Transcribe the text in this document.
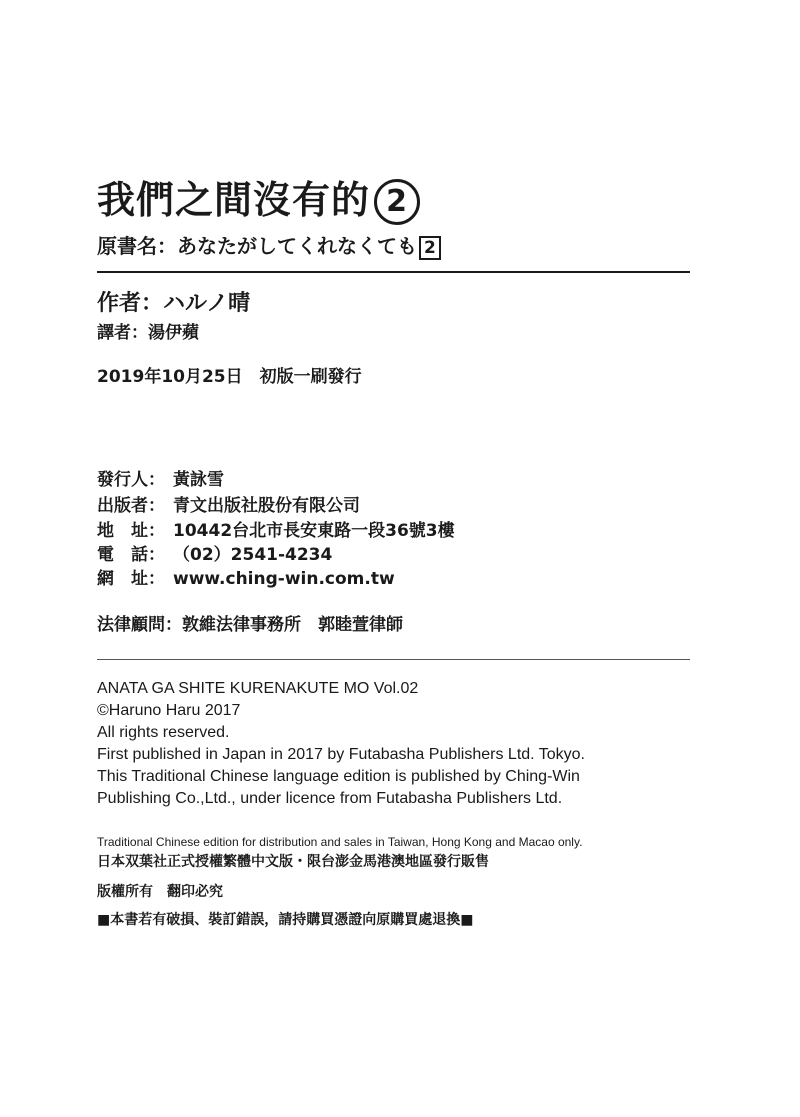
我們之間沒有的 2
原書名：あなたがしてくれなくても 2
作者：ハルノ晴
譯者：湯伊蘋
2019年10月25日　初版一刷發行
發行人： 黃詠雪
出版者： 青文出版社股份有限公司
地　址： 10442台北市長安東路一段36號3樓
電　話： （02）2541-4234
網　址： www.ching-win.com.tw
法律顧問：敦維法律事務所　郭睦萱律師
ANATA GA SHITE KURENAKUTE MO Vol.02
©Haruno Haru 2017
All rights reserved.
First published in Japan in 2017 by Futabasha Publishers Ltd. Tokyo.
This Traditional Chinese language edition is published by Ching-Win
Publishing Co.,Ltd., under licence from Futabasha Publishers Ltd.
Traditional Chinese edition for distribution and sales in Taiwan, Hong Kong and Macao only.
日本双葉社正式授權繁體中文版・限台澎金馬港澳地區發行販售
版權所有　翻印必究
■本書若有破損、裝訂錯誤，請持購買憑證向原購買處退換■
